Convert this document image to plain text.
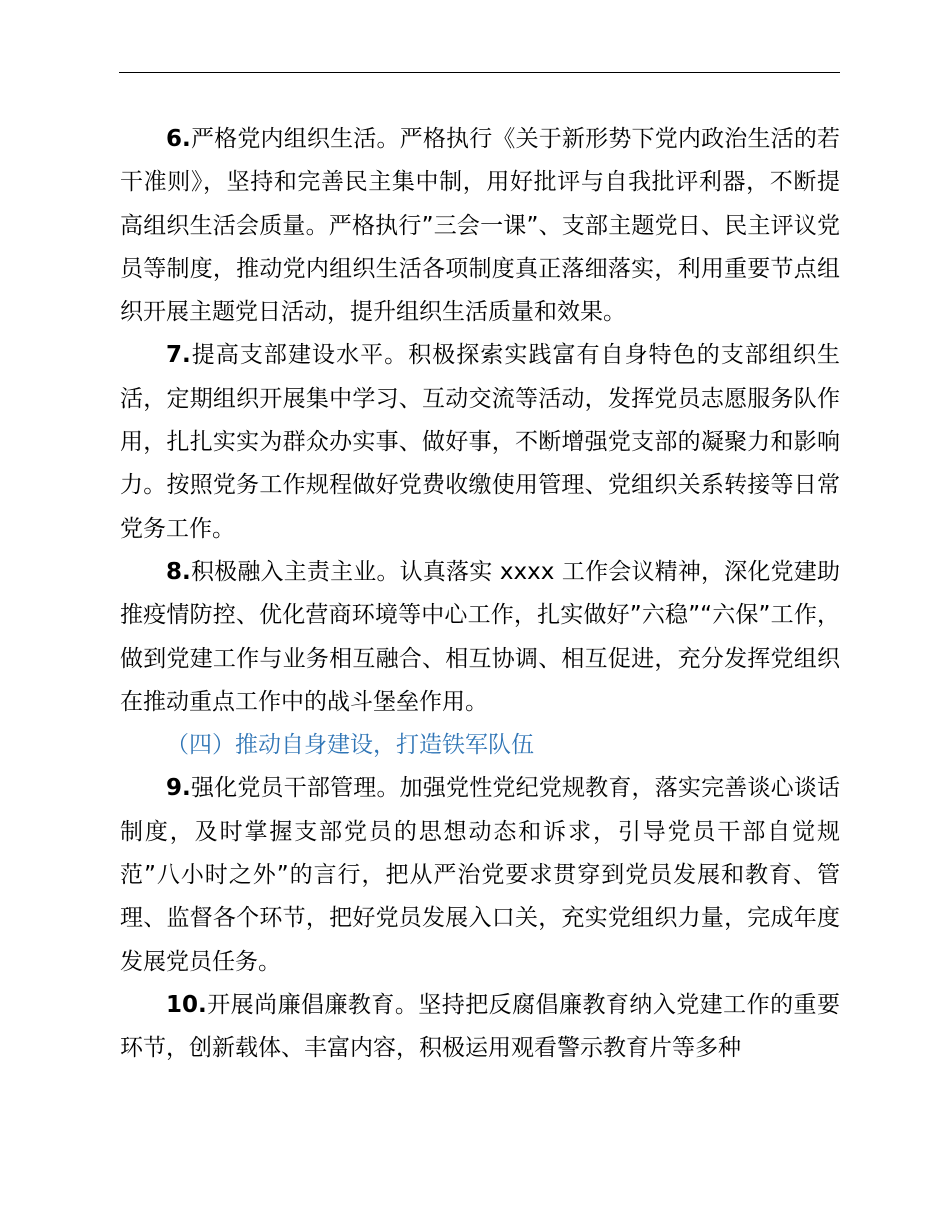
6.严格党内组织生活。严格执行《关于新形势下党内政治生活的若干准则》，坚持和完善民主集中制，用好批评与自我批评利器，不断提高组织生活会质量。严格执行”三会一课”、支部主题党日、民主评议党员等制度，推动党内组织生活各项制度真正落细落实，利用重要节点组织开展主题党日活动，提升组织生活质量和效果。

7.提高支部建设水平。积极探索实践富有自身特色的支部组织生活，定期组织开展集中学习、互动交流等活动，发挥党员志愿服务队作用，扎扎实实为群众办实事、做好事，不断增强党支部的凝聚力和影响力。按照党务工作规程做好党费收缴使用管理、党组织关系转接等日常党务工作。

8.积极融入主责主业。认真落实 xxxx 工作会议精神，深化党建助推疫情防控、优化营商环境等中心工作，扎实做好”六稳”“六保”工作，做到党建工作与业务相互融合、相互协调、相互促进，充分发挥党组织在推动重点工作中的战斗堡垒作用。

（四）推动自身建设，打造铁军队伍

9.强化党员干部管理。加强党性党纪党规教育，落实完善谈心谈话制度，及时掌握支部党员的思想动态和诉求，引导党员干部自觉规范”八小时之外”的言行，把从严治党要求贯穿到党员发展和教育、管理、监督各个环节，把好党员发展入口关，充实党组织力量，完成年度发展党员任务。

10.开展尚廉倡廉教育。坚持把反腐倡廉教育纳入党建工作的重要环节，创新载体、丰富内容，积极运用观看警示教育片等多种
